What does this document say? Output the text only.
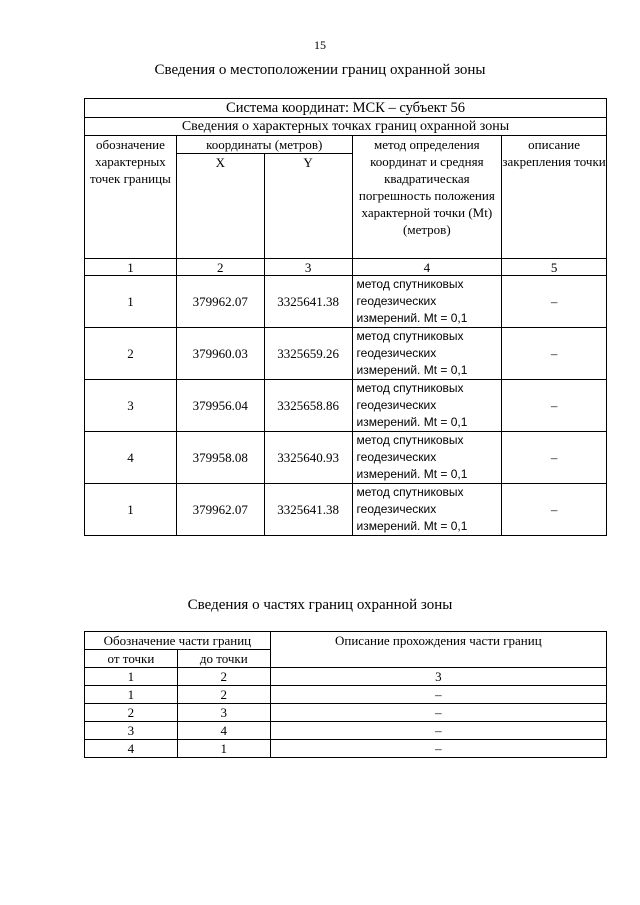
15
Сведения о местоположении границ охранной зоны
Система координат: МСК – субъект 56				
Сведения о характерных точках границ охранной зоны				
обозначение характерных точек границы	координаты (метров)		метод определения координат и средняя квадратическая погрешность положения характерной точки (Mt) (метров)	описание закрепления точки
	X	Y		
1	2	3	4	5
1	379962.07	3325641.38	метод спутниковых геодезических измерений. Mt = 0,1	–
2	379960.03	3325659.26	метод спутниковых геодезических измерений. Mt = 0,1	–
3	379956.04	3325658.86	метод спутниковых геодезических измерений. Mt = 0,1	–
4	379958.08	3325640.93	метод спутниковых геодезических измерений. Mt = 0,1	–
1	379962.07	3325641.38	метод спутниковых геодезических измерений. Mt = 0,1	–
Сведения о частях границ охранной зоны
Обозначение части границ		Описание прохождения части границ
от точки	до точки	
1	2	3
1	2	–
2	3	–
3	4	–
4	1	–
